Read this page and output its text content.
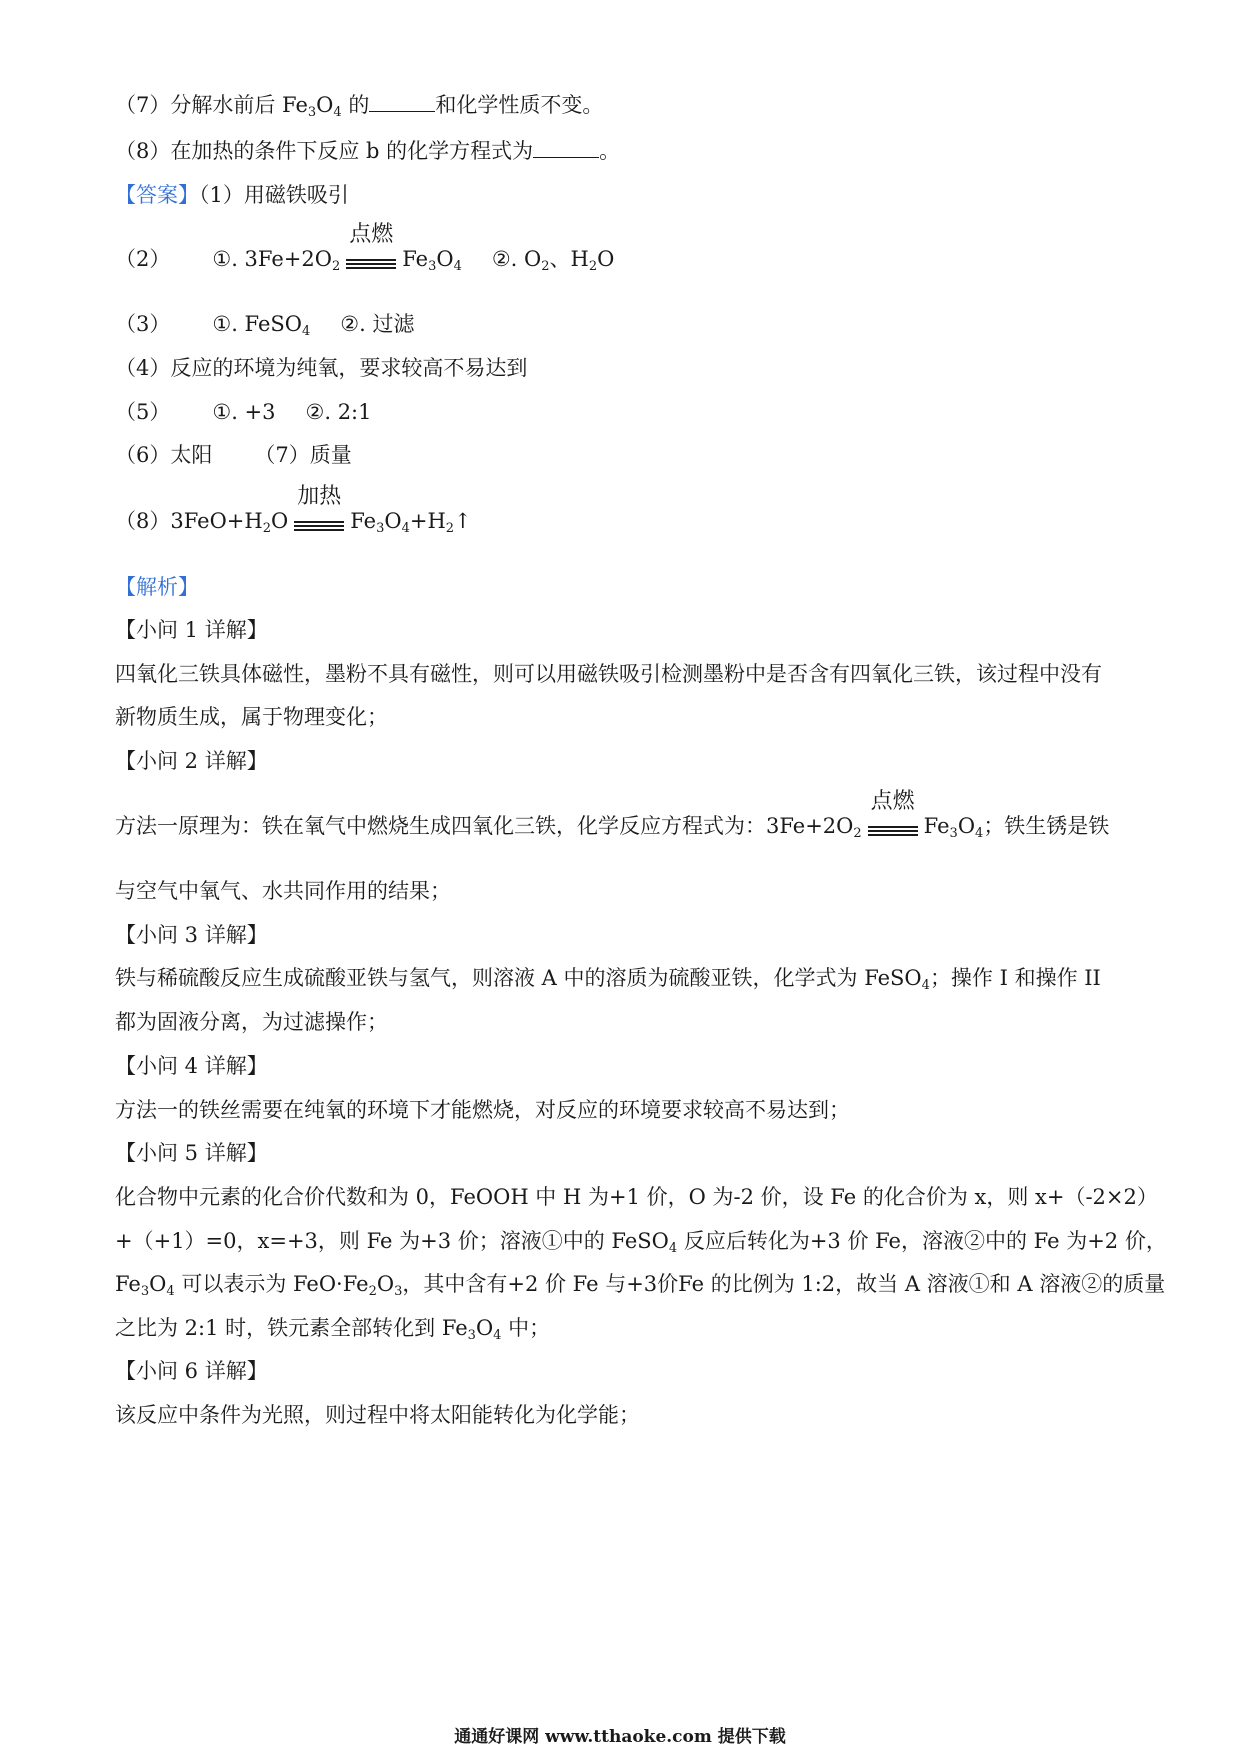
（7）分解水前后 $Fe_3O_4$ 的	和化学性质不变。
（8）在加热的条件下反应 b 的化学方程式为	。
【答案】（1）用磁铁吸引
（2） ①. $3Fe+2O_2$
点燃
$Fe_3O_4$ ②. $O_2$、$H_2O$
（3） ①. FeSO$_4$ ②. 过滤
（4）反应的环境为纯氧，要求较高不易达到
（5） ①. +3 ②. 2:1
（6）太阳 （7）质量
$(8)3FeO+H_2O$
加热
$Fe_3O_4+H_2↑$
【解析】
【小问 1 详解】
四氧化三铁具体磁性，墨粉不具有磁性，则可以用磁铁吸引检测墨粉中是否含有四氧化三铁，该过程中没有
新物质生成，属于物理变化；
【小问 2 详解】
方法一原理为：铁在氧气中燃烧生成四氧化三铁，化学反应方程式为：$3Fe+2O_2$
点燃
$Fe_3O_4$；铁生锈是铁
与空气中氧气、水共同作用的结果；
【小问 3 详解】
铁与稀硫酸反应生成硫酸亚铁与氢气，则溶液 A 中的溶质为硫酸亚铁，化学式为 FeSO$_4$；操作 I 和操作 II
都为固液分离，为过滤操作；
【小问 4 详解】
方法一的铁丝需要在纯氧的环境下才能燃烧，对反应的环境要求较高不易达到；
【小问 5 详解】
化合物中元素的化合价代数和为 0，FeOOH 中 H 为+1 价，O 为-2 价，设 Fe 的化合价为 x，则 x+（-2×2）
+（+1）=0，x=+3，则 Fe 为+3 价；溶液①中的 FeSO$_4$ 反应后转化为+3 价 Fe，溶液②中的 Fe 为+2 价，
$Fe_3O_4$ 可以表示为 $FeO\cdot Fe_2O_3$，其中含有+2 价 Fe 与+3价Fe 的比例为 1:2，故当 A 溶液①和 A 溶液②的质量
之比为 2:1 时，铁元素全部转化到 $Fe_3O_4$ 中；
【小问 6 详解】
该反应中条件为光照，则过程中将太阳能转化为化学能；
通通好课网 www.tthaoke.com 提供下载
